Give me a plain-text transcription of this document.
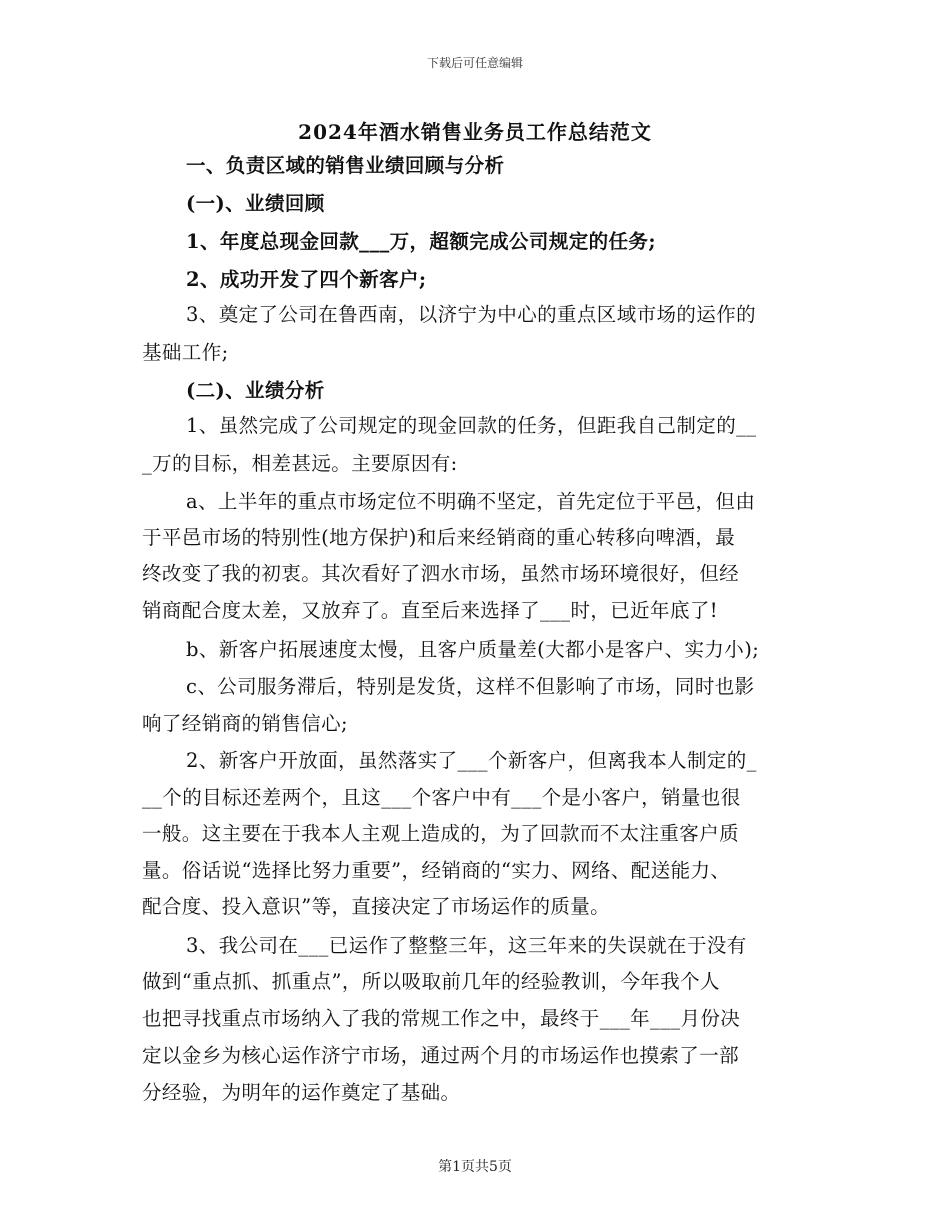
下载后可任意编辑
2024年酒水销售业务员工作总结范文
一、负责区域的销售业绩回顾与分析
(一)、业绩回顾
1、年度总现金回款___万，超额完成公司规定的任务;
2、成功开发了四个新客户;
3、奠定了公司在鲁西南，以济宁为中心的重点区域市场的运作的
基础工作;
(二)、业绩分析
1、虽然完成了公司规定的现金回款的任务，但距我自己制定的__
_万的目标，相差甚远。主要原因有:
a、上半年的重点市场定位不明确不坚定，首先定位于平邑，但由
于平邑市场的特别性(地方保护)和后来经销商的重心转移向啤酒，最
终改变了我的初衷。其次看好了泗水市场，虽然市场环境很好，但经
销商配合度太差，又放弃了。直至后来选择了___时，已近年底了!
b、新客户拓展速度太慢，且客户质量差(大都小是客户、实力小);
c、公司服务滞后，特别是发货，这样不但影响了市场，同时也影
响了经销商的销售信心;
2、新客户开放面，虽然落实了___个新客户，但离我本人制定的_
__个的目标还差两个，且这___个客户中有___个是小客户，销量也很
一般。这主要在于我本人主观上造成的，为了回款而不太注重客户质
量。俗话说“选择比努力重要”，经销商的“实力、网络、配送能力、
配合度、投入意识”等，直接决定了市场运作的质量。
3、我公司在___已运作了整整三年，这三年来的失误就在于没有
做到“重点抓、抓重点”，所以吸取前几年的经验教训，今年我个人
也把寻找重点市场纳入了我的常规工作之中，最终于___年___月份决
定以金乡为核心运作济宁市场，通过两个月的市场运作也摸索了一部
分经验，为明年的运作奠定了基础。
第1页共5页
